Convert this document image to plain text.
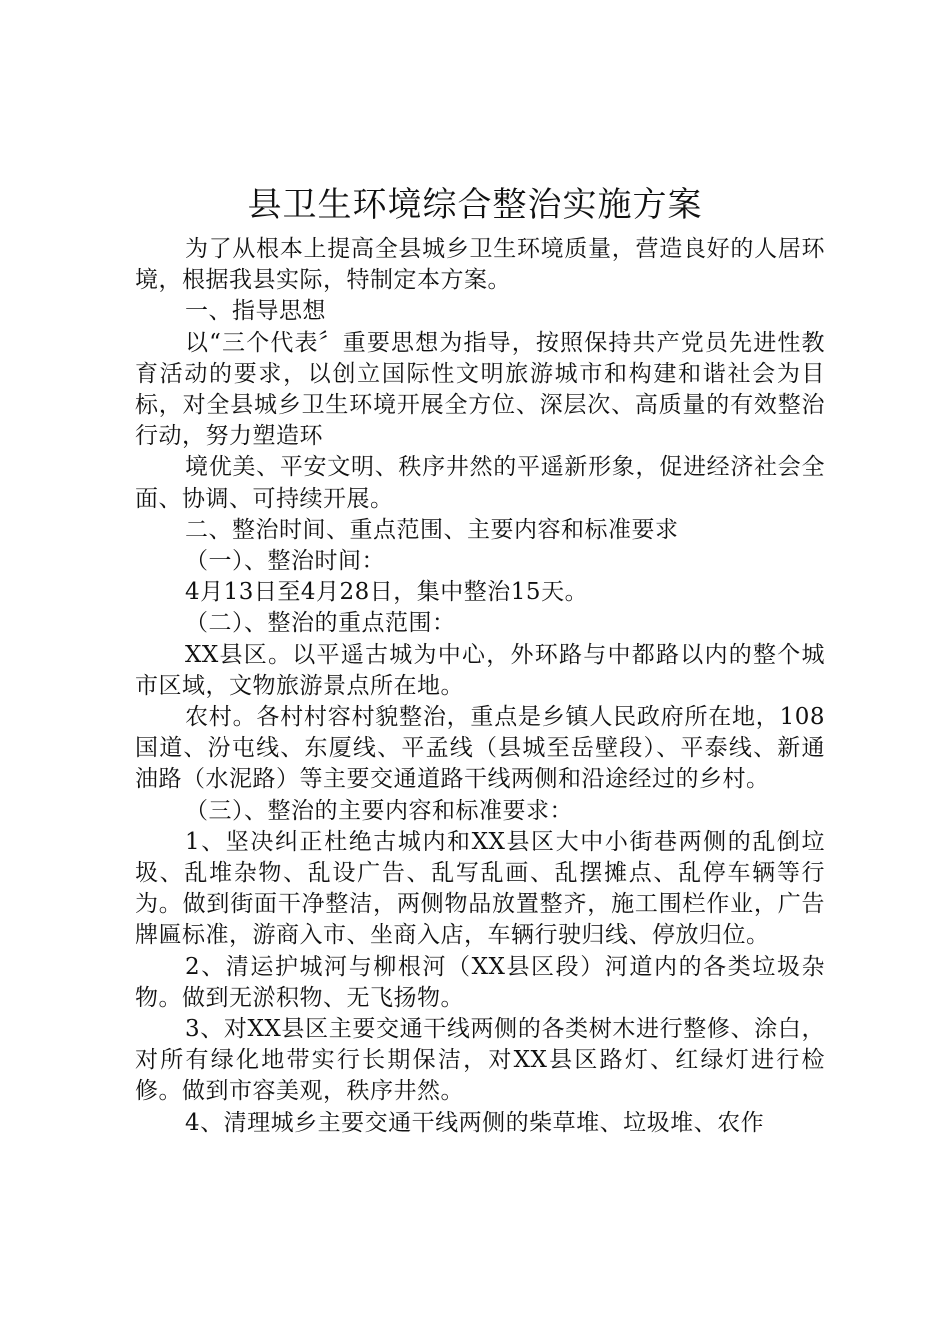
县卫生环境综合整治实施方案

为了从根本上提高全县城乡卫生环境质量，营造良好的人居环境，根据我县实际，特制定本方案。

一、指导思想

以“三个代表〞重要思想为指导，按照保持共产党员先进性教育活动的要求，以创立国际性文明旅游城市和构建和谐社会为目标，对全县城乡卫生环境开展全方位、深层次、高质量的有效整治行动，努力塑造环

境优美、平安文明、秩序井然的平遥新形象，促进经济社会全面、协调、可持续开展。

二、整治时间、重点范围、主要内容和标准要求

（一）、整治时间：

4月13日至4月28日，集中整治15天。

（二）、整治的重点范围：

XX县区。以平遥古城为中心，外环路与中都路以内的整个城市区域，文物旅游景点所在地。

农村。各村村容村貌整治，重点是乡镇人民政府所在地，108国道、汾屯线、东厦线、平孟线（县城至岳壁段）、平泰线、新通油路（水泥路）等主要交通道路干线两侧和沿途经过的乡村。

（三）、整治的主要内容和标准要求：

1、坚决纠正杜绝古城内和XX县区大中小街巷两侧的乱倒垃圾、乱堆杂物、乱设广告、乱写乱画、乱摆摊点、乱停车辆等行为。做到街面干净整洁，两侧物品放置整齐，施工围栏作业，广告牌匾标准，游商入市、坐商入店，车辆行驶归线、停放归位。

2、清运护城河与柳根河（XX县区段）河道内的各类垃圾杂物。做到无淤积物、无飞扬物。

3、对XX县区主要交通干线两侧的各类树木进行整修、涂白，对所有绿化地带实行长期保洁，对XX县区路灯、红绿灯进行检修。做到市容美观，秩序井然。

4、清理城乡主要交通干线两侧的柴草堆、垃圾堆、农作
